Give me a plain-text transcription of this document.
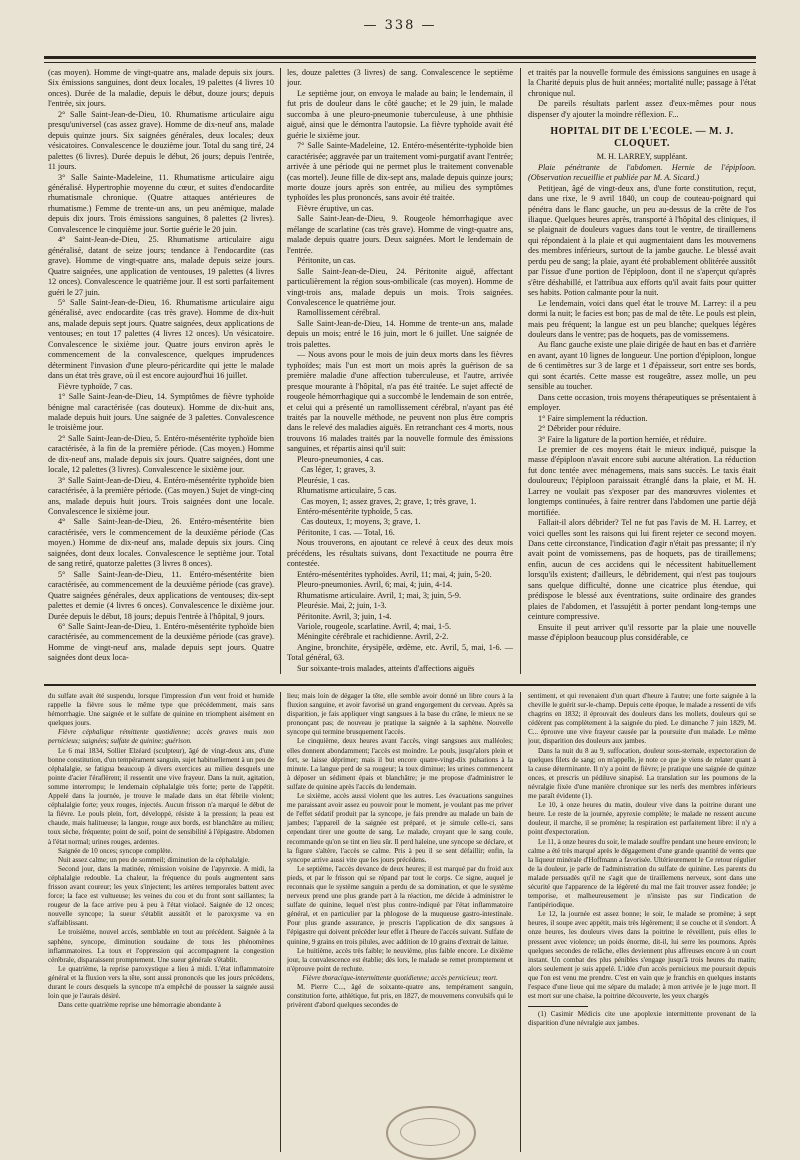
— 338 —

(cas moyen). Homme de vingt-quatre ans, malade depuis six jours. Six émissions sanguines, dont deux locales, 19 palettes (4 livres 10 onces). Durée de la maladie, depuis le début, douze jours; depuis l'entrée, six jours.

2° Salle Saint-Jean-de-Dieu, 10. Rhumatisme articulaire aigu presqu'universel (cas assez grave). Homme de dix-neuf ans, malade depuis quinze jours. Six saignées générales, deux locales; deux vésicatoires. Convalescence le douzième jour. Total du sang tiré, 24 palettes (6 livres). Durée depuis le début, 26 jours; depuis l'entrée, 11 jours.

3° Salle Sainte-Madeleine, 11. Rhumatisme articulaire aigu généralisé. Hypertrophie moyenne du cœur, et suites d'endocardite rhumatismale chronique. (Quatre attaques antérieures de rhumatisme.) Femme de trente-un ans, un peu anémique, malade depuis dix jours. Trois émissions sanguines, 8 palettes (2 livres). Convalescence le cinquième jour. Sortie guérie le 20 juin.

4° Saint-Jean-de-Dieu, 25. Rhumatisme articulaire aigu généralisé, datant de seize jours; tendance à l'endocardite (cas grave). Homme de vingt-quatre ans, malade depuis seize jours. Quatre saignées, une application de ventouses, 19 palettes (4 livres 12 onces). Convalescence le quatrième jour. Il est sorti parfaitement guéri le 27 juin.

5° Salle Saint-Jean-de-Dieu, 16. Rhumatisme articulaire aigu généralisé, avec endocardite (cas très grave). Homme de dix-huit ans, malade depuis sept jours. Quatre saignées, deux applications de ventouses; en tout 17 palettes (4 livres 12 onces). Un vésicatoire. Convalescence le sixième jour. Quatre jours environ après le commencement de la convalescence, quelques imprudences déterminent l'invasion d'une pleuro-péricardite qui jette le malade dans un état très grave, où il est encore aujourd'hui 16 juillet.

Fièvre typhoïde, 7 cas.

1° Salle Saint-Jean-de-Dieu, 14. Symptômes de fièvre typhoïde bénigne mal caractérisée (cas douteux). Homme de dix-huit ans, malade depuis huit jours. Une saignée de 3 palettes. Convalescence le troisième jour.

2° Salle Saint-Jean-de-Dieu, 5. Entéro-mésentérite typhoïde bien caractérisée, à la fin de la première période. (Cas moyen.) Homme de dix-neuf ans, malade depuis six jours. Quatre saignées, dont une locale, 12 palettes (3 livres). Convalescence le sixième jour.

3° Salle Saint-Jean-de-Dieu, 4. Entéro-mésentérite typhoïde bien caractérisée, à la première période. (Cas moyen.) Sujet de vingt-cinq ans, malade depuis huit jours. Trois saignées dont une locale. Convalescence le sixième jour.

4° Salle Saint-Jean-de-Dieu, 26. Entéro-mésentérite bien caractérisée, vers le commencement de la deuxième période (Cas moyen.) Homme de dix-neuf ans, malade depuis six jours. Cinq saignées, dont deux locales. Convalescence le septième jour. Total de sang retiré, quatorze palettes (3 livres 8 onces).

5° Salle Saint-Jean-de-Dieu, 11. Entéro-mésentérite bien caractérisée, au commencement de la deuxième période (cas grave). Quatre saignées générales, deux applications de ventouses; dix-sept palettes et demie (4 livres 6 onces). Convalescence le dixième jour. Durée depuis le début, 18 jours; depuis l'entrée à l'hôpital, 9 jours.

6° Salle Saint-Jean-de-Dieu, 1. Entéro-mésentérite typhoïde bien caractérisée, au commencement de la deuxième période (cas grave). Homme de vingt-neuf ans, malade depuis sept jours. Quatre saignées dont deux loca-

les, douze palettes (3 livres) de sang. Convalescence le septième jour.

Le septième jour, on envoya le malade au bain; le lendemain, il fut pris de douleur dans le côté gauche; et le 29 juin, le malade succomba à une pleuro-pneumonie tuberculeuse, à une phthisie aiguë, ainsi que le démontra l'autopsie. La fièvre typhoïde avait été guérie le sixième jour.

7° Salle Sainte-Madeleine, 12. Entéro-mésentérite-typhoïde bien caractérisée; aggravée par un traitement vomi-purgatif avant l'entrée; arrivée à une période qui ne permet plus le traitement convenable (cas mortel). Jeune fille de dix-sept ans, malade depuis quinze jours; morte douze jours après son entrée, au milieu des symptômes typhoïdes les plus prononcés, sans avoir été traitée.

Fièvre éruptive, un cas.

Salle Saint-Jean-de-Dieu, 9. Rougeole hémorrhagique avec mélange de scarlatine (cas très grave). Homme de vingt-quatre ans, malade depuis quatre jours. Deux saignées. Mort le lendemain de l'entrée.

Péritonite, un cas.

Salle Saint-Jean-de-Dieu, 24. Péritonite aiguë, affectant particulièrement la région sous-ombilicale (cas moyen). Homme de vingt-trois ans, malade depuis un mois. Trois saignées. Convalescence le quatrième jour.

Ramollissement cérébral.

Salle Saint-Jean-de-Dieu, 14. Homme de trente-un ans, malade depuis un mois; entré le 16 juin, mort le 6 juillet. Une saignée de trois palettes.

— Nous avons pour le mois de juin deux morts dans les fièvres typhoïdes; mais l'un est mort un mois après la guérison de sa première maladie d'une affection tuberculeuse, et l'autre, arrivée presque mourante à l'hôpital, n'a pas été traitée. Le sujet affecté de rougeole hémorrhagique qui a succombé le lendemain de son entrée, et celui qui a présenté un ramollissement cérébral, n'ayant pas été traités par la nouvelle méthode, ne peuvent non plus être compris dans le relevé des maladies aiguës. En retranchant ces 4 morts, nous trouvons 16 malades traités par la nouvelle formule des émissions sanguines, et répartis ainsi qu'il suit:

Pleuro-pneumonies, 4 cas.

Cas léger, 1; graves, 3.

Pleurésie, 1 cas.

Rhumatisme articulaire, 5 cas.

Cas moyen, 1; assez graves, 2; grave, 1; très grave, 1.

Entéro-mésentérite typhoïde, 5 cas.

Cas douteux, 1; moyens, 3; grave, 1.

Péritonite, 1 cas. — Total, 16.

Nous trouverons, en ajoutant ce relevé à ceux des deux mois précédens, les résultats suivans, dont l'exactitude ne pourra être contestée.

Entéro-mésentérites typhoïdes. Avril, 11; mai, 4; juin, 5-20.

Pleuro-pneumonies. Avril, 6; mai, 4; juin, 4-14.

Rhumatisme articulaire. Avril, 1; mai, 3; juin, 5-9.

Pleurésie. Mai, 2; juin, 1-3.

Péritonite. Avril, 3; juin, 1-4.

Variole, rougeole, scarlatine. Avril, 4; mai, 1-5.

Méningite cérébrale et rachidienne. Avril, 2-2.

Angine, bronchite, érysipèle, œdème, etc. Avril, 5, mai, 1-6. — Total général, 63.

Sur soixante-trois malades, atteints d'affections aiguës

et traités par la nouvelle formule des émissions sanguines en usage à la Charité depuis plus de huit années; mortalité nulle; passage à l'état chronique nul.

De pareils résultats parlent assez d'eux-mêmes pour nous dispenser d'y ajouter la moindre réflexion. F...

HOPITAL DIT DE L'ECOLE. — M. J. CLOQUET.

M. H. LARREY, suppléant.

Plaie pénétrante de l'abdomen. Hernie de l'épiploon. (Observation recueillie et publiée par M. A. Sicard.)

Petitjean, âgé de vingt-deux ans, d'une forte constitution, reçut, dans une rixe, le 9 avril 1840, un coup de couteau-poignard qui pénétra dans le flanc gauche, un peu au-dessus de la crête de l'os iliaque. Quelques heures après, transporté à l'hôpital des cliniques, il se plaignait de douleurs vagues dans tout le ventre, de tiraillemens qui répondaient à la plaie et qui augmentaient dans les mouvemens des membres inférieurs, surtout de la jambe gauche. Le blessé avait perdu peu de sang; la plaie, ayant été probablement oblitérée aussitôt par l'issue d'une portion de l'épiploon, dont il ne s'aperçut qu'après s'être déshabillé, et l'attribua aux efforts qu'il avait faits pour quitter ses habits. Potion calmante pour la nuit.

Le lendemain, voici dans quel état le trouve M. Larrey: il a peu dormi la nuit; le facies est bon; pas de mal de tête. Le pouls est plein, mais peu fréquent; la langue est un peu blanche; quelques légères douleurs dans le ventre; pas de hoquets, pas de vomissemens.

Au flanc gauche existe une plaie dirigée de haut en bas et d'arrière en avant, ayant 10 lignes de longueur. Une portion d'épiploon, longue de 6 centimètres sur 3 de large et 1 d'épaisseur, sort entre ses bords, qui sont écartés. Cette masse est rougeâtre, assez molle, un peu sensible au toucher.

Dans cette occasion, trois moyens thérapeutiques se présentaient à employer.

1° Faire simplement la réduction.

2° Débrider pour réduire.

3° Faire la ligature de la portion herniée, et réduire.

Le premier de ces moyens était le mieux indiqué, puisque la masse d'épiploon n'avait encore subi aucune altération. La réduction fut donc tentée avec ménagemens, mais sans succès. Le taxis était douloureux; l'épiploon paraissait étranglé dans la plaie, et M. H. Larrey ne voulait pas s'exposer par des manœuvres violentes et longtemps continuées, à faire rentrer dans l'abdomen une partie déjà mortifiée.

Fallait-il alors débrider? Tel ne fut pas l'avis de M. H. Larrey, et voici quelles sont les raisons qui lui firent rejeter ce second moyen. Dans cette circonstance, l'indication d'agir n'était pas pressante; il n'y avait point de vomissemens, pas de hoquets, pas de tiraillemens; enfin, aucun de ces accidens qui le nécessitent habituellement lorsqu'ils existent; d'ailleurs, le débridement, qui n'est pas toujours sans quelque difficulté, donne une cicatrice plus étendue, qui prédispose le blessé aux éventrations, suite ordinaire des grandes plaies de l'abdomen, et l'assujétit à porter pendant long-temps une ceinture compressive.

Ensuite il peut arriver qu'il ressorte par la plaie une nouvelle masse d'épiploon beaucoup plus considérable, ce

du sulfate avait été suspendu, lorsque l'impression d'un vent froid et humide rappelle la fièvre sous le même type que précédemment, mais sans hémorrhagie. Une saignée et le sulfate de quinine en triomphent aisément en quelques jours.

Fièvre céphalique rémittente quotidienne; accès graves mais non pernicieux; saignées; sulfate de quinine; guérison.

Le 6 mai 1834, Sollier Elzéard (sculpteur), âgé de vingt-deux ans, d'une bonne constitution, d'un tempérament sanguin, sujet habituellement à un peu de céphalalgie, se fatigua beaucoup à divers exercices au milieu desquels une pointe d'acier l'éraflèrent; il ressentit une vive frayeur. Dans la nuit, agitation, somme interrompu; le lendemain céphalalgie très forte; perte de l'appétit. Appelé dans la journée, je trouve le malade dans un état fébrile violent; céphalalgie forte; yeux rouges, injectés. Aucun frisson n'a marqué le début de la fièvre. Le pouls plein, fort, développé, résiste à la pression; la peau est chaude, mais halitueuse; la langue, rouge aux bords, est blanchâtre au milieu; toux sèche, fréquente; point de soif, point de sensibilité à l'épigastre. Abdomen à l'état normal; urines rouges, ardentes.

Saignée de 10 onces; syncope complète.

Nuit assez calme; un peu de sommeil; diminution de la céphalalgie.

Second jour, dans la matinée, rémission voisine de l'apyrexie. A midi, la céphalalgie redouble. La chaleur, la fréquence du pouls augmentent sans frisson avant coureur; les yeux s'injectent; les artères temporales battent avec force; la face est vultueuse; les veines du cou et du front sont saillantes; la rougeur de la face arrive peu à peu à l'état violacé. Saignée de 12 onces; nouvelle syncope; la sueur s'établit aussitôt et le paroxysme va en s'affaiblissant.

Le troisième, nouvel accès, semblable en tout au précédent. Saignée à la saphène, syncope, diminution soudaine de tous les phénomènes inflammatoires. La toux et l'oppression qui accompagnent la congestion cérébrale, disparaissent promptement. Une sueur générale s'établit.

Le quatrième, la reprise paroxystique a lieu à midi. L'état inflammatoire général et la fluxion vers la tête, sont aussi prononcés que les jours précédens, durant le cours desquels la syncope m'a empêché de pousser la saignée aussi loin que je l'aurais désiré.

Dans cette quatrième reprise une hémorragie abondante à

lieu; mais loin de dégager la tête, elle semble avoir donné un libre cours à la fluxion sanguine, et avoir favorisé un grand engorgement du cerveau. Après sa disparition, je fais appliquer vingt sangsues à la base du crâne, le mieux ne se prononçant pas; de nouveau je pratique la saignée à la saphène. Nouvelle syncope qui termine brusquement l'accès.

Le cinquième, deux heures avant l'accès, vingt sangsues aux malléoles; elles donnent abondamment; l'accès est moindre. Le pouls, jusqu'alors plein et fort, se laisse déprimer; mais il but encore quatre-vingt-dix pulsations à la minute. La langue perd de sa rougeur; la toux diminue; les urines commencent à déposer un sédiment épais et blanchâtre; je me propose d'administrer le sulfate de quinine après l'accès du lendemain.

Le sixième, accès aussi violent que les autres. Les évacuations sanguines me paraissant avoir assez eu pouvoir pour le moment, je voulant pas me priver de l'effet sédatif produit par la syncope, je fais prendre au malade un bain de jambes; l'appareil de la saignée est préparé, et je simule celle-ci, sans cependant tirer une goutte de sang. Le malade, croyant que le sang coule, recommande qu'on se tint en lieu sûr. Il perd haleine, une syncope se déclare, et la figure s'altère, l'accès se calme. Pris à peu il se sent défaillir; enfin, la syncope arrive aussi vite que les jours précédens.

Le septième, l'accès devance de deux heures; il est marqué par du froid aux pieds, et par le frisson qui se répand par tout le corps. Ce signe, auquel je reconnais que le système sanguin a perdu de sa domination, et que le système nerveux prend une plus grande part à la réaction, me décide à administrer le sulfate de quinine, lequel n'est plus contre-indiqué par l'état inflammatoire général, et en particulier par la phlogose de la muqueuse gastro-intestinale. Pour plus grande assurance, je prescris l'application de dix sangsues à l'épigastre qui doivent précéder leur effet à l'heure de l'accès suivant. Sulfate de quinine, 9 grains en trois pilules, avec addition de 10 grains d'extrait de laitue.

Le huitième, accès très faible; le neuvième, plus faible encore. Le dixième jour, la convalescence est établie; dès lors, le malade se remet promptement et n'éprouve point de rechute.

Fièvre thoracique-intermittente quotidienne; accès pernicieux; mort.

M. Pierre C..., âgé de soixante-quatre ans, tempérament sanguin, constitution forte, athlétique, fut pris, en 1827, de mouvemens convulsifs qui le privèrent d'abord quelques secondes de

sentiment, et qui revenaient d'un quart d'heure à l'autre; une forte saignée à la cheville le guérit sur-le-champ. Depuis cette époque, le malade a ressenti de vifs chagrins en 1832; il éprouvait des douleurs dans les mollets, douleurs qui se cédèrent pas complètement à la saignée du pied. Le dimanche 7 juin 1829, M. C... éprouve une vive frayeur causée par la poursuite d'un malade. Le même jour, disparition des douleurs aux jambes.

Dans la nuit du 8 au 9, suffocation, douleur sous-sternale, expectoration de quelques filets de sang; on m'appelle, je note ce que je viens de relater quant à la cause déterminante. Il n'y a point de fièvre; je pratique une saignée de quinze onces, et prescris un pédiluve sinapisé. La translation sur les poumons de la névralgie fixée d'une manière chronique sur les nerfs des membres inférieurs me paraît évidente (1).

Le 10, à onze heures du matin, douleur vive dans la poitrine durant une heure. Le reste de la journée, apyrexie complète; le malade ne ressent aucune douleur, il marche, il se promène; la respiration est parfaitement libre: il n'y a point d'expectoration.

Le 11, à onze heures du soir, le malade souffre pendant une heure environ; le calme a été très marqué après le dégagement d'une grande quantité de vents que la liqueur minérale d'Hoffmann a favorisée. Ultérieurement le Ce retour régulier de la douleur, je parle de l'administration du sulfate de quinine. Les parents du malade persuadés qu'il ne s'agit que de tiraillemens nerveux, sont dans une sécurité que l'apparence de la légèreté du mal me fait trouver assez fondée; je temporise, et malheureusement je n'insiste pas sur l'indication de l'antipériodique.

Le 12, la journée est assez bonne; le soir, le malade se promène; à sept heures, il soupe avec appétit, mais très légèrement; il se couche et il s'endort. À onze heures, les douleurs vives dans la poitrine le réveillent, puis elles le pressent avec violence; un poids énorme, dit-il, lui serre les poumons. Après quelques secondes de relâche, elles deviennent plus affreuses encore à un court instant. Un combat des plus pénibles s'engage jusqu'à trois heures du matin; alors seulement je suis appelé. L'idée d'un accès pernicieux me poursuit depuis que l'on est venu me prendre. C'est en vain que je franchis en quelques instants l'espace d'une lieue qui me sépare du malade; à mon arrivée je le juge mort. Il est mort sur une chaise, la poitrine découverte, les yeux chargés

(1) Casimir Médicis cite une apoplexie intermittente provenant de la disparition d'une névralgie aux jambes.
